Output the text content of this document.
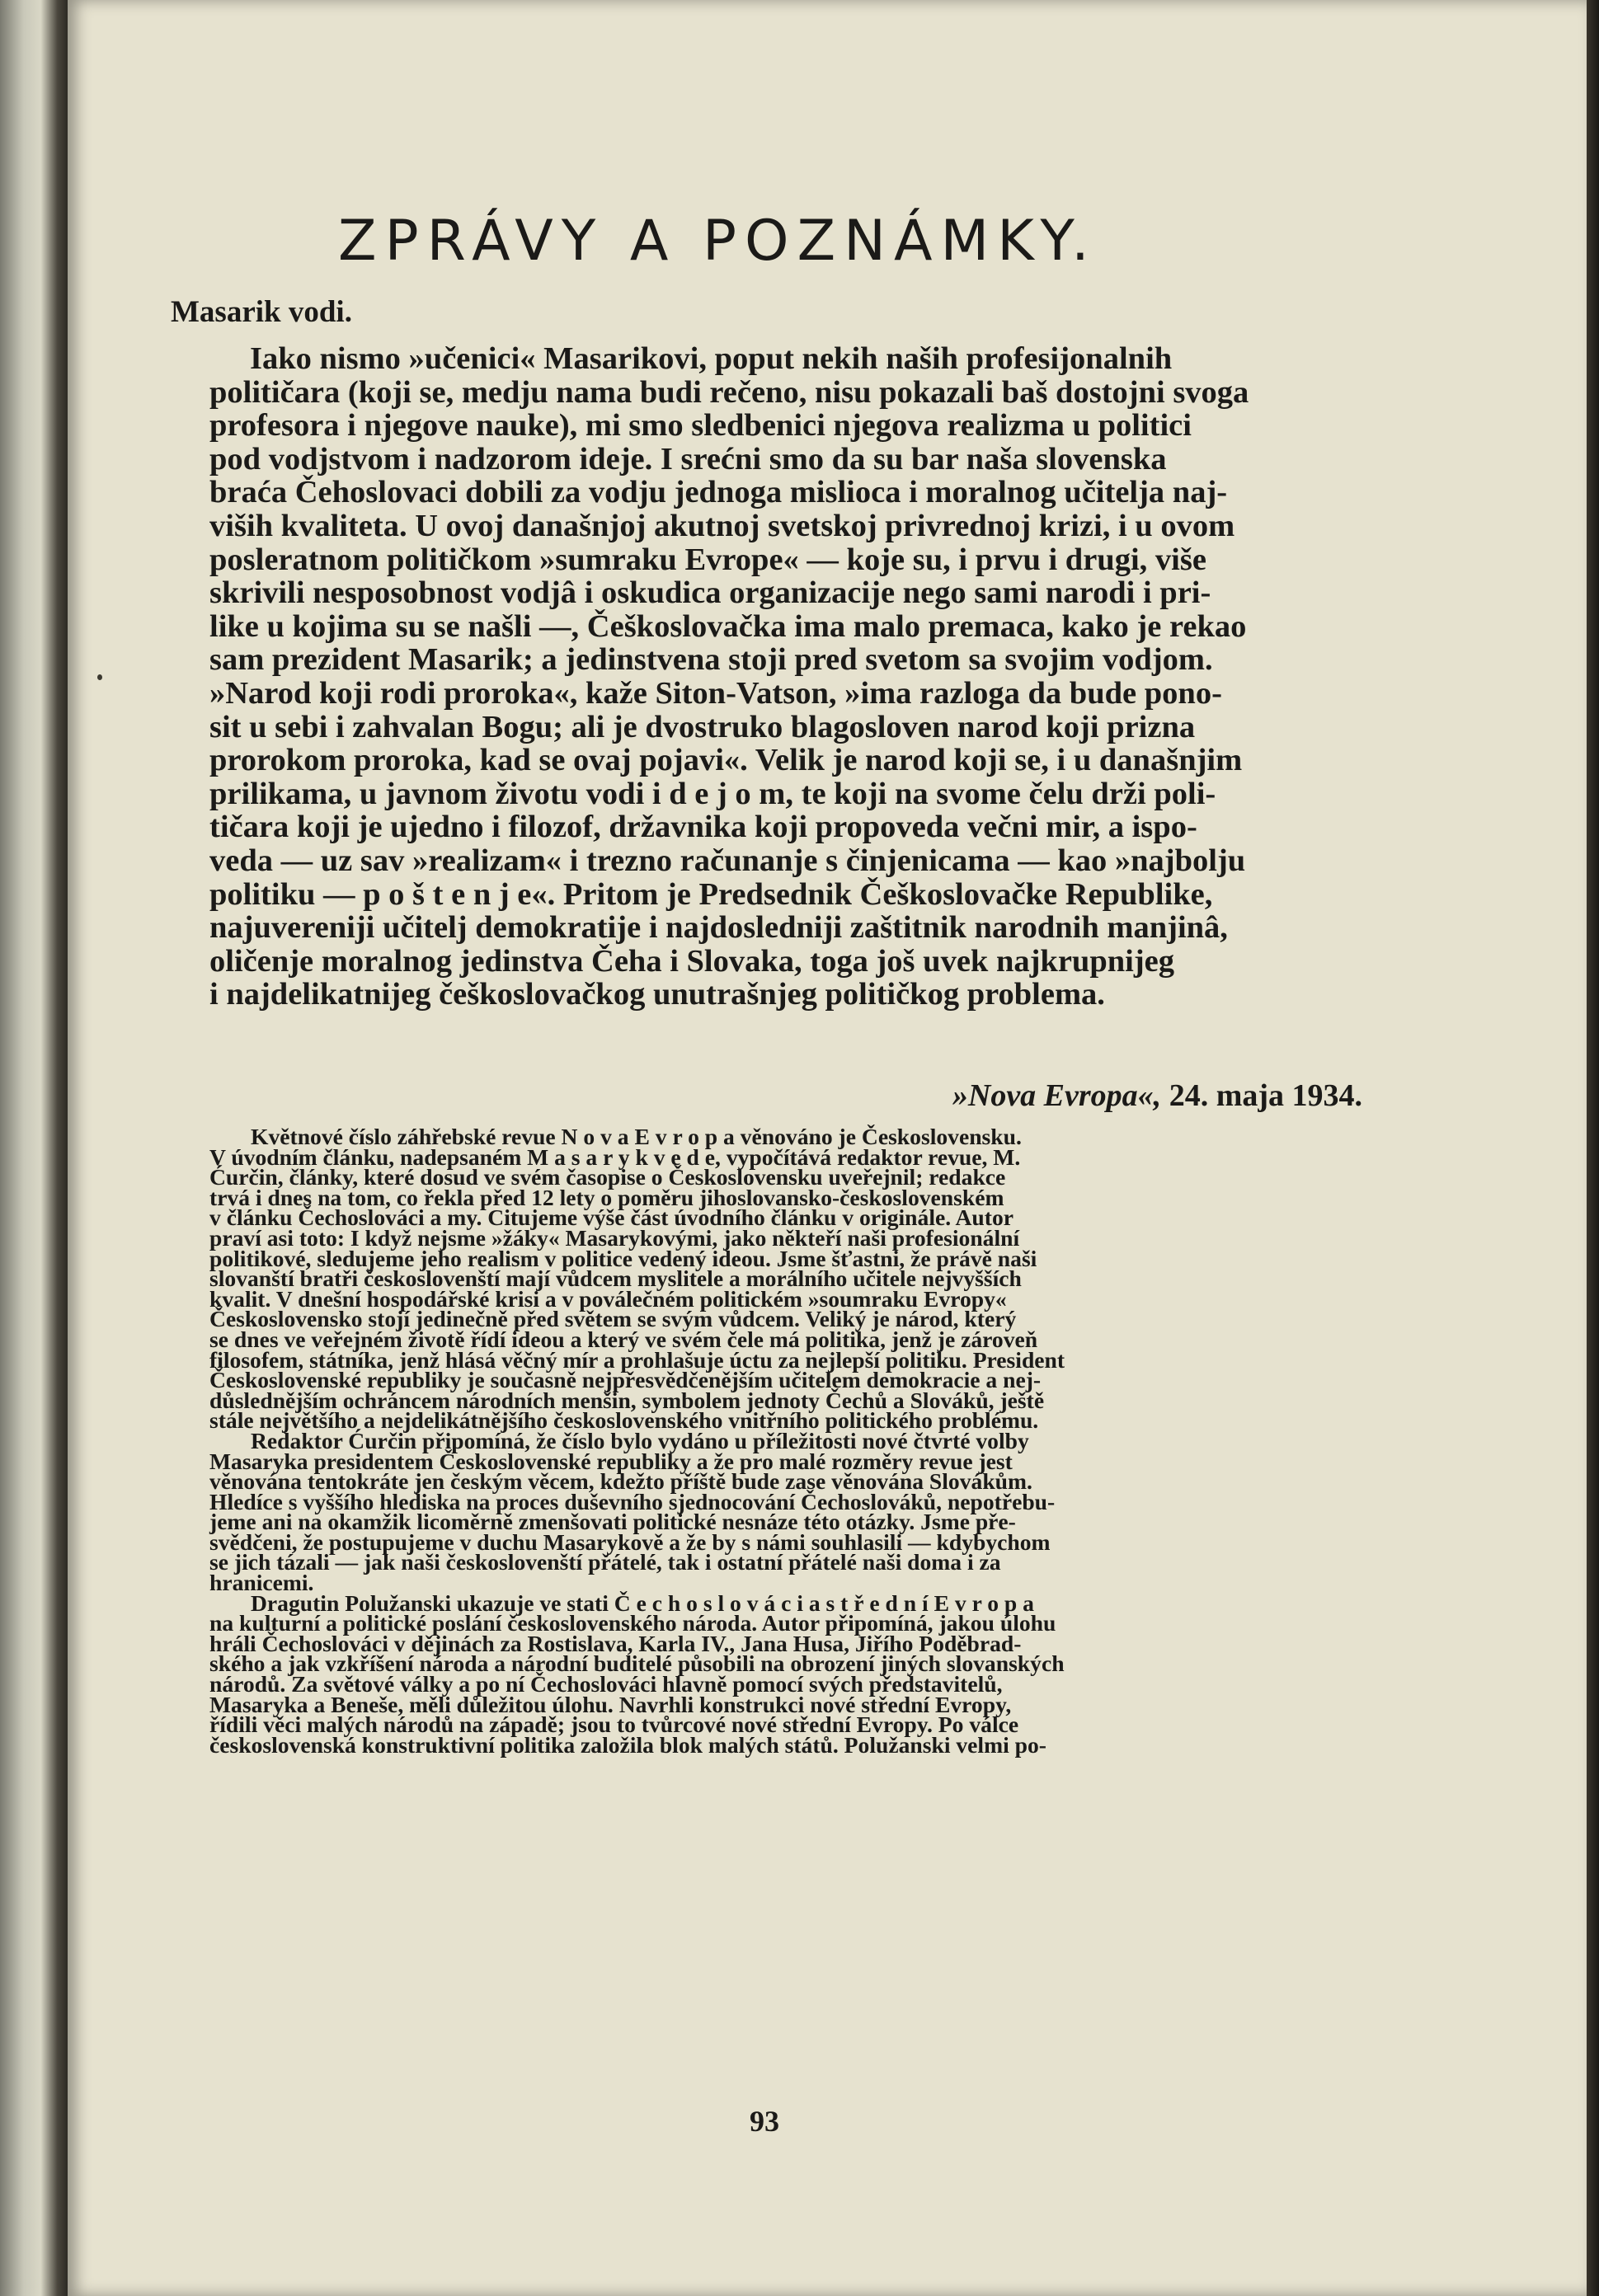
ZPRÁVY A POZNÁMKY.
Masarik vodi.
Iako nismo »učenici« Masarikovi, poput nekih naših profesijonalnih
političara (koji se, medju nama budi rečeno, nisu pokazali baš dostojni svoga
profesora i njegove nauke), mi smo sledbenici njegova realizma u politici
pod vodjstvom i nadzorom ideje. I srećni smo da su bar naša slovenska
braća Čehoslovaci dobili za vodju jednoga mislioca i moralnog učitelja naj-
viših kvaliteta. U ovoj današnjoj akutnoj svetskoj privrednoj krizi, i u ovom
posleratnom političkom »sumraku Evrope« — koje su, i prvu i drugi, više
skrivili nesposobnost vodjâ i oskudica organizacije nego sami narodi i pri-
like u kojima su se našli —, Češkoslovačka ima malo premaca, kako je rekao
sam prezident Masarik; a jedinstvena stoji pred svetom sa svojim vodjom.
»Narod koji rodi proroka«, kaže Siton-Vatson, »ima razloga da bude pono-
sit u sebi i zahvalan Bogu; ali je dvostruko blagosloven narod koji prizna
prorokom proroka, kad se ovaj pojavi«. Velik je narod koji se, i u današnjim
prilikama, u javnom životu vodi i d e j o m, te koji na svome čelu drži poli-
tičara koji je ujedno i filozof, državnika koji propoveda večni mir, a ispo-
veda — uz sav »realizam« i trezno računanje s činjenicama — kao »najbolju
politiku — p o š t e n j e«. Pritom je Predsednik Češkoslovačke Republike,
najuvereniji učitelj demokratije i najdosledniji zaštitnik narodnih manjinâ,
oličenje moralnog jedinstva Čeha i Slovaka, toga još uvek najkrupnijeg
i najdelikatnijeg češkoslovačkog unutrašnjeg političkog problema.
»Nova Evropa«, 24. maja 1934.
Květnové číslo záhřebské revue N o v a E v r o p a věnováno je Československu.
V úvodním článku, nadepsaném M a s a r y k v e d e, vypočítává redaktor revue, M.
Ćurčin, články, které dosud ve svém časopise o Československu uveřejnil; redakce
trvá i dnes na tom, co řekla před 12 lety o poměru jihoslovansko-československém
v článku Čechoslováci a my. Citujeme výše část úvodního článku v originále. Autor
praví asi toto: I když nejsme »žáky« Masarykovými, jako někteří naši profesionální
politikové, sledujeme jeho realism v politice vedený ideou. Jsme šťastni, že právě naši
slovanští bratři českoslovenští mají vůdcem myslitele a morálního učitele nejvyšších
kvalit. V dnešní hospodářské krisi a v poválečném politickém »soumraku Evropy«
Československo stojí jedinečně před světem se svým vůdcem. Veliký je národ, který
se dnes ve veřejném životě řídí ideou a který ve svém čele má politika, jenž je zároveň
filosofem, státníka, jenž hlásá věčný mír a prohlašuje úctu za nejlepší politiku. President
Československé republiky je současně nejpřesvědčenějším učitelem demokracie a nej-
důslednějším ochráncem národních menšin, symbolem jednoty Čechů a Slováků, ještě
stále největšího a nejdelikátnějšího československého vnitřního politického problému.
Redaktor Ćurčin připomíná, že číslo bylo vydáno u příležitosti nové čtvrté volby
Masaryka presidentem Československé republiky a že pro malé rozměry revue jest
věnována tentokráte jen českým věcem, kdežto příště bude zase věnována Slovákům.
Hledíce s vyššího hlediska na proces duševního sjednocování Čechoslováků, nepotřebu-
jeme ani na okamžik licoměrně zmenšovati politické nesnáze této otázky. Jsme pře-
svědčeni, že postupujeme v duchu Masarykově a že by s námi souhlasili — kdybychom
se jich tázali — jak naši českoslovenští přátelé, tak i ostatní přátelé naši doma i za
hranicemi.
Dragutin Polužanski ukazuje ve stati Č e c h o s l o v á c i a s t ř e d n í E v r o p a
na kulturní a politické poslání československého národa. Autor připomíná, jakou úlohu
hráli Čechoslováci v dějinách za Rostislava, Karla IV., Jana Husa, Jiřího Poděbrad-
ského a jak vzkříšení národa a národní buditelé působili na obrození jiných slovanských
národů. Za světové války a po ní Čechoslováci hlavně pomocí svých představitelů,
Masaryka a Beneše, měli důležitou úlohu. Navrhli konstrukci nové střední Evropy,
řídili věci malých národů na západě; jsou to tvůrcové nové střední Evropy. Po válce
československá konstruktivní politika založila blok malých států. Polužanski velmi po-
93
